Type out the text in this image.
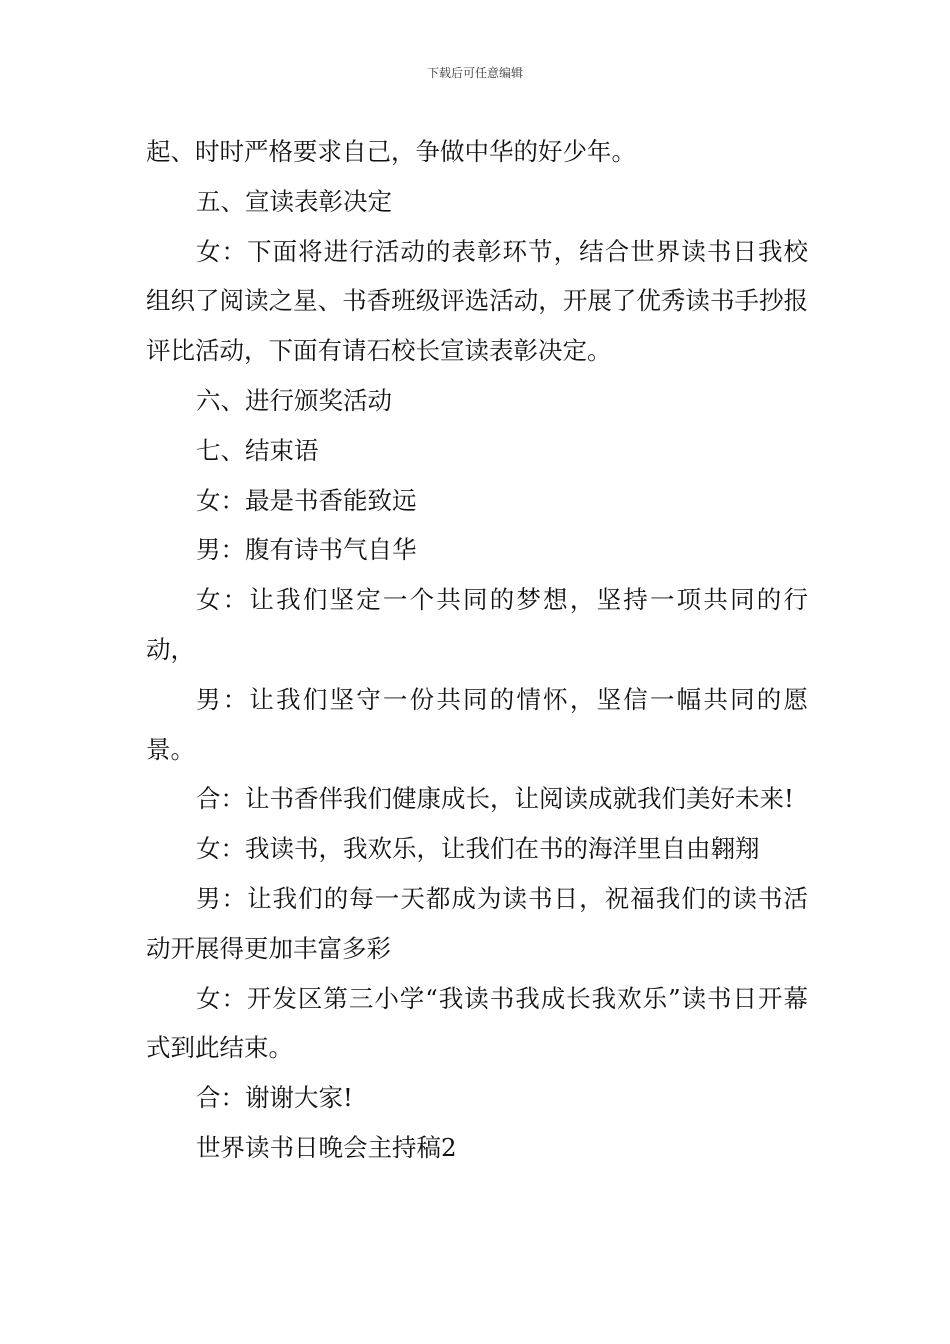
下载后可任意编辑

起、时时严格要求自己，争做中华的好少年。

五、宣读表彰决定

女：下面将进行活动的表彰环节，结合世界读书日我校组织了阅读之星、书香班级评选活动，开展了优秀读书手抄报评比活动，下面有请石校长宣读表彰决定。

六、进行颁奖活动

七、结束语

女：最是书香能致远

男：腹有诗书气自华

女：让我们坚定一个共同的梦想，坚持一项共同的行动，

男：让我们坚守一份共同的情怀，坚信一幅共同的愿景。

合：让书香伴我们健康成长，让阅读成就我们美好未来!

女：我读书，我欢乐，让我们在书的海洋里自由翱翔

男：让我们的每一天都成为读书日，祝福我们的读书活动开展得更加丰富多彩

女：开发区第三小学“我读书我成长我欢乐”读书日开幕式到此结束。

合：谢谢大家!

世界读书日晚会主持稿2
